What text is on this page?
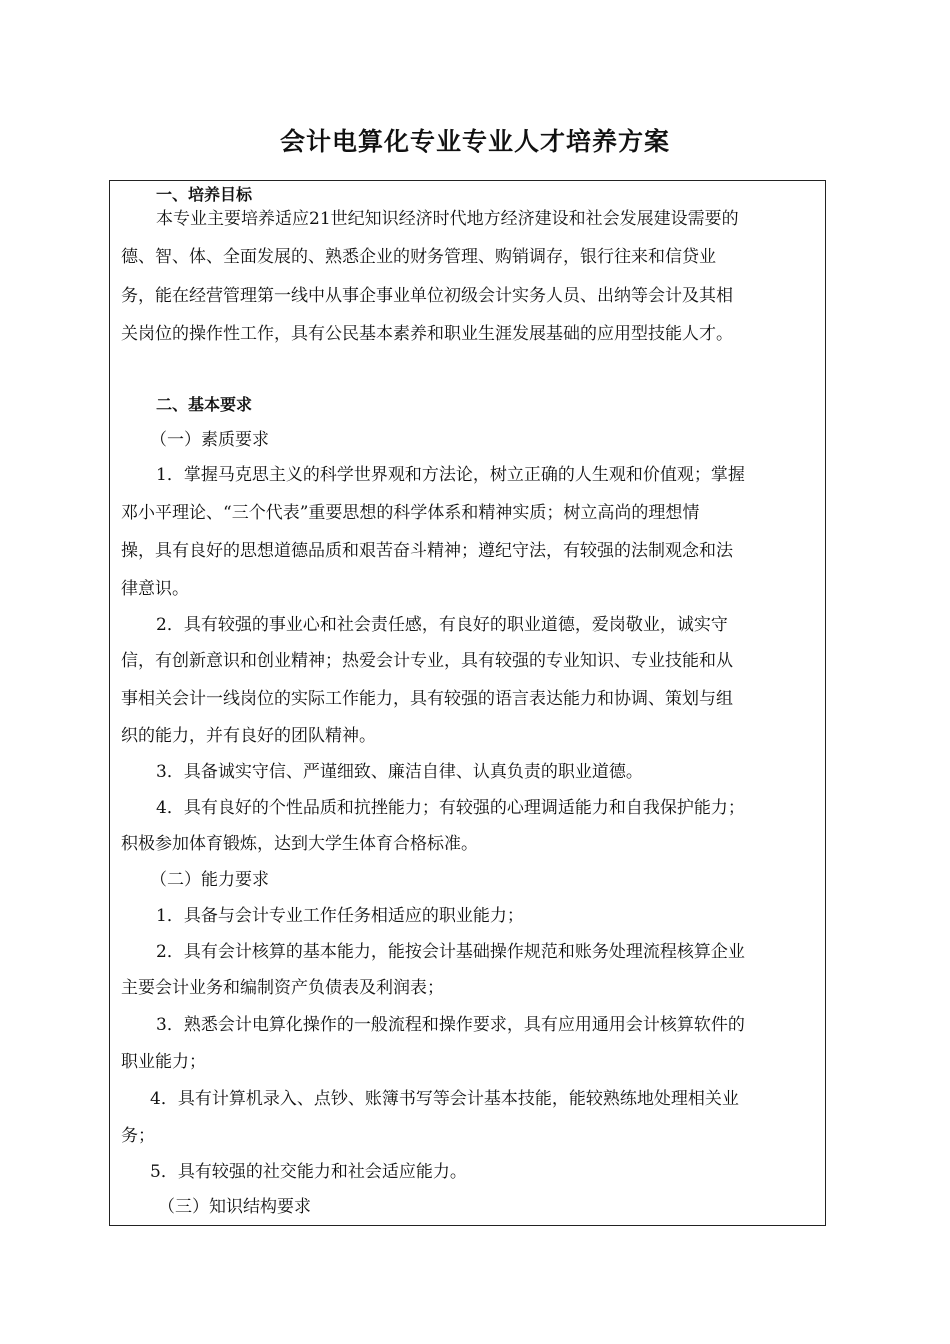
会计电算化专业专业人才培养方案
一、培养目标
本专业主要培养适应21世纪知识经济时代地方经济建设和社会发展建设需要的
德、智、体、全面发展的、熟悉企业的财务管理、购销调存，银行往来和信贷业
务，能在经营管理第一线中从事企事业单位初级会计实务人员、出纳等会计及其相
关岗位的操作性工作，具有公民基本素养和职业生涯发展基础的应用型技能人才。
二、基本要求
（一）素质要求
1．掌握马克思主义的科学世界观和方法论，树立正确的人生观和价值观；掌握
邓小平理论、“三个代表”重要思想的科学体系和精神实质；树立高尚的理想情
操，具有良好的思想道德品质和艰苦奋斗精神；遵纪守法，有较强的法制观念和法
律意识。
2．具有较强的事业心和社会责任感，有良好的职业道德，爱岗敬业，诚实守
信，有创新意识和创业精神；热爱会计专业，具有较强的专业知识、专业技能和从
事相关会计一线岗位的实际工作能力，具有较强的语言表达能力和协调、策划与组
织的能力，并有良好的团队精神。
3．具备诚实守信、严谨细致、廉洁自律、认真负责的职业道德。
4．具有良好的个性品质和抗挫能力；有较强的心理调适能力和自我保护能力；
积极参加体育锻炼，达到大学生体育合格标准。
（二）能力要求
1．具备与会计专业工作任务相适应的职业能力；
2．具有会计核算的基本能力，能按会计基础操作规范和账务处理流程核算企业
主要会计业务和编制资产负债表及利润表；
3．熟悉会计电算化操作的一般流程和操作要求，具有应用通用会计核算软件的
职业能力；
4．具有计算机录入、点钞、账簿书写等会计基本技能，能较熟练地处理相关业
务；
5．具有较强的社交能力和社会适应能力。
（三）知识结构要求
